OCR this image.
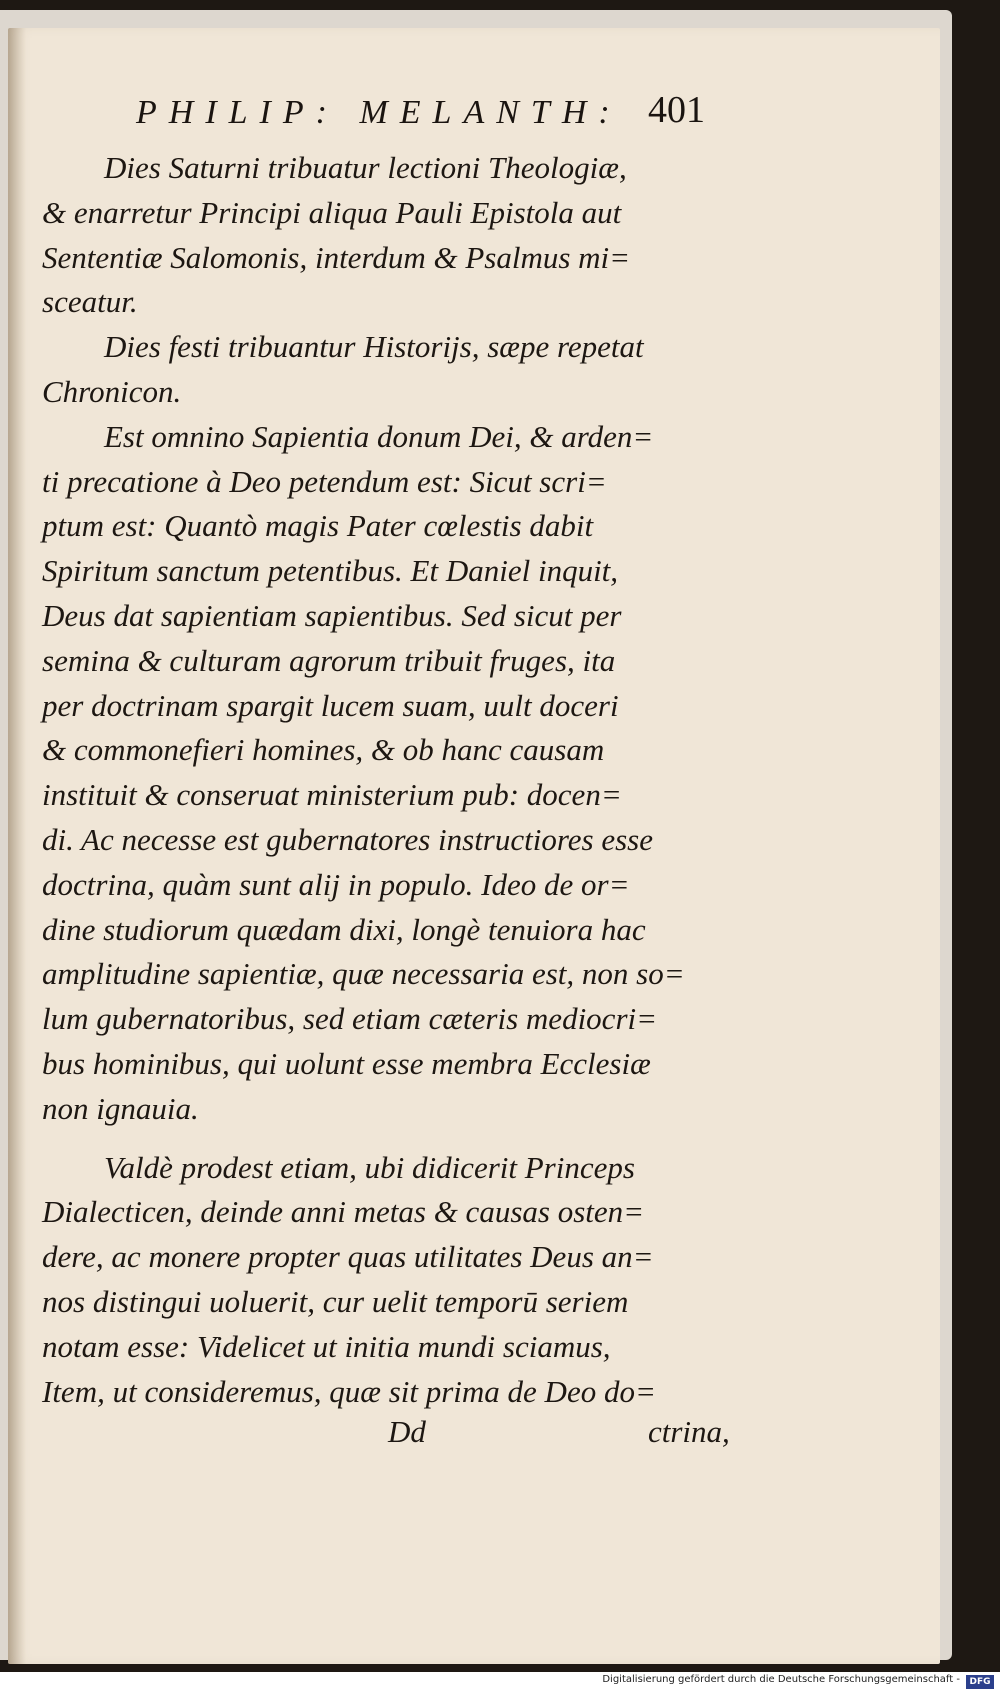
PHILIP: MELANTH: 401
Dies Saturni tribuatur lectioni Theologiæ,
& enarretur Principi aliqua Pauli Epistola aut
Sententiæ Salomonis, interdum & Psalmus mi=
sceatur.
Dies festi tribuantur Historijs, sæpe repetat
Chronicon.
Est omnino Sapientia donum Dei, & arden=
ti precatione à Deo petendum est: Sicut scri=
ptum est: Quantò magis Pater cœlestis dabit
Spiritum sanctum petentibus. Et Daniel inquit,
Deus dat sapientiam sapientibus. Sed sicut per
semina & culturam agrorum tribuit fruges, ita
per doctrinam spargit lucem suam, uult doceri
& commonefieri homines, & ob hanc causam
instituit & conseruat ministerium pub: docen=
di. Ac necesse est gubernatores instructiores esse
doctrina, quàm sunt alij in populo. Ideo de or=
dine studiorum quædam dixi, longè tenuiora hac
amplitudine sapientiæ, quæ necessaria est, non so=
lum gubernatoribus, sed etiam cæteris mediocri=
bus hominibus, qui uolunt esse membra Ecclesiæ
non ignauia.
Valdè prodest etiam, ubi didicerit Princeps
Dialecticen, deinde anni metas & causas osten=
dere, ac monere propter quas utilitates Deus an=
nos distingui uoluerit, cur uelit temporū seriem
notam esse: Videlicet ut initia mundi sciamus,
Item, ut consideremus, quæ sit prima de Deo do=
Dd	ctrina,
Digitalisierung gefördert durch die Deutsche Forschungsgemeinschaft -	DFG
